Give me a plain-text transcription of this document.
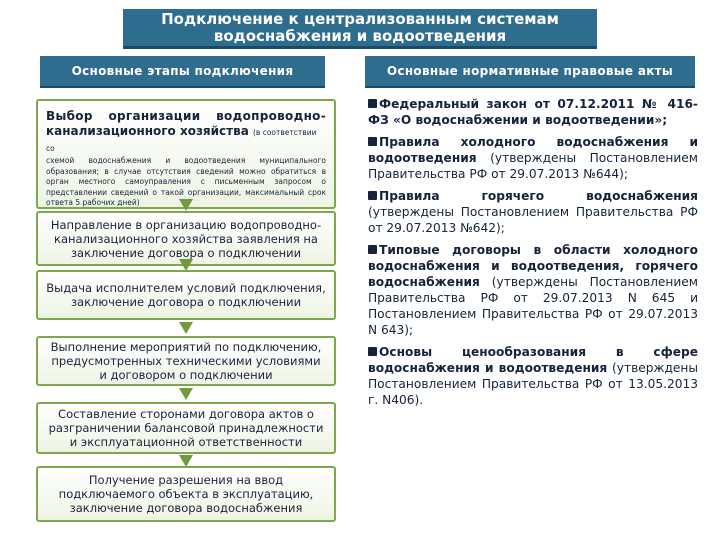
Подключение к централизованным системам
водоснабжения и водоотведения
Основные этапы подключения	Основные нормативные правовые акты
Выбор организации водопроводно-
канализационного хозяйства (в соответствии со
схемой водоснабжения и водоотведения муниципального образования; в случае отсутствия сведений можно обратиться в орган местного самоуправления с письменным запросом о представлении сведений о такой организации, максимальный срок ответа 5 рабочих дней)
Направление в организацию водопроводно-канализационного хозяйства заявления на заключение договора о подключении
Выдача исполнителем условий подключения, заключение договора о подключении
Выполнение мероприятий по подключению, предусмотренных техническими условиями и договором о подключении
Составление сторонами договора актов о разграничении балансовой принадлежности и эксплуатационной ответственности
Получение разрешения на ввод подключаемого объекта в эксплуатацию, заключение договора водоснабжения
Федеральный закон от 07.12.2011 № 416-ФЗ «О водоснабжении и водоотведении»;
Правила холодного водоснабжения и водоотведения (утверждены Постановлением Правительства РФ от 29.07.2013 №644);
Правила горячего водоснабжения (утверждены Постановлением Правительства РФ от 29.07.2013 №642);
Типовые договоры в области холодного водоснабжения и водоотведения, горячего водоснабжения (утверждены Постановлением Правительства РФ от 29.07.2013 N 645 и Постановлением Правительства РФ от 29.07.2013 N 643);
Основы ценообразования в сфере водоснабжения и водоотведения (утверждены Постановлением Правительства РФ от 13.05.2013 г. N406).
